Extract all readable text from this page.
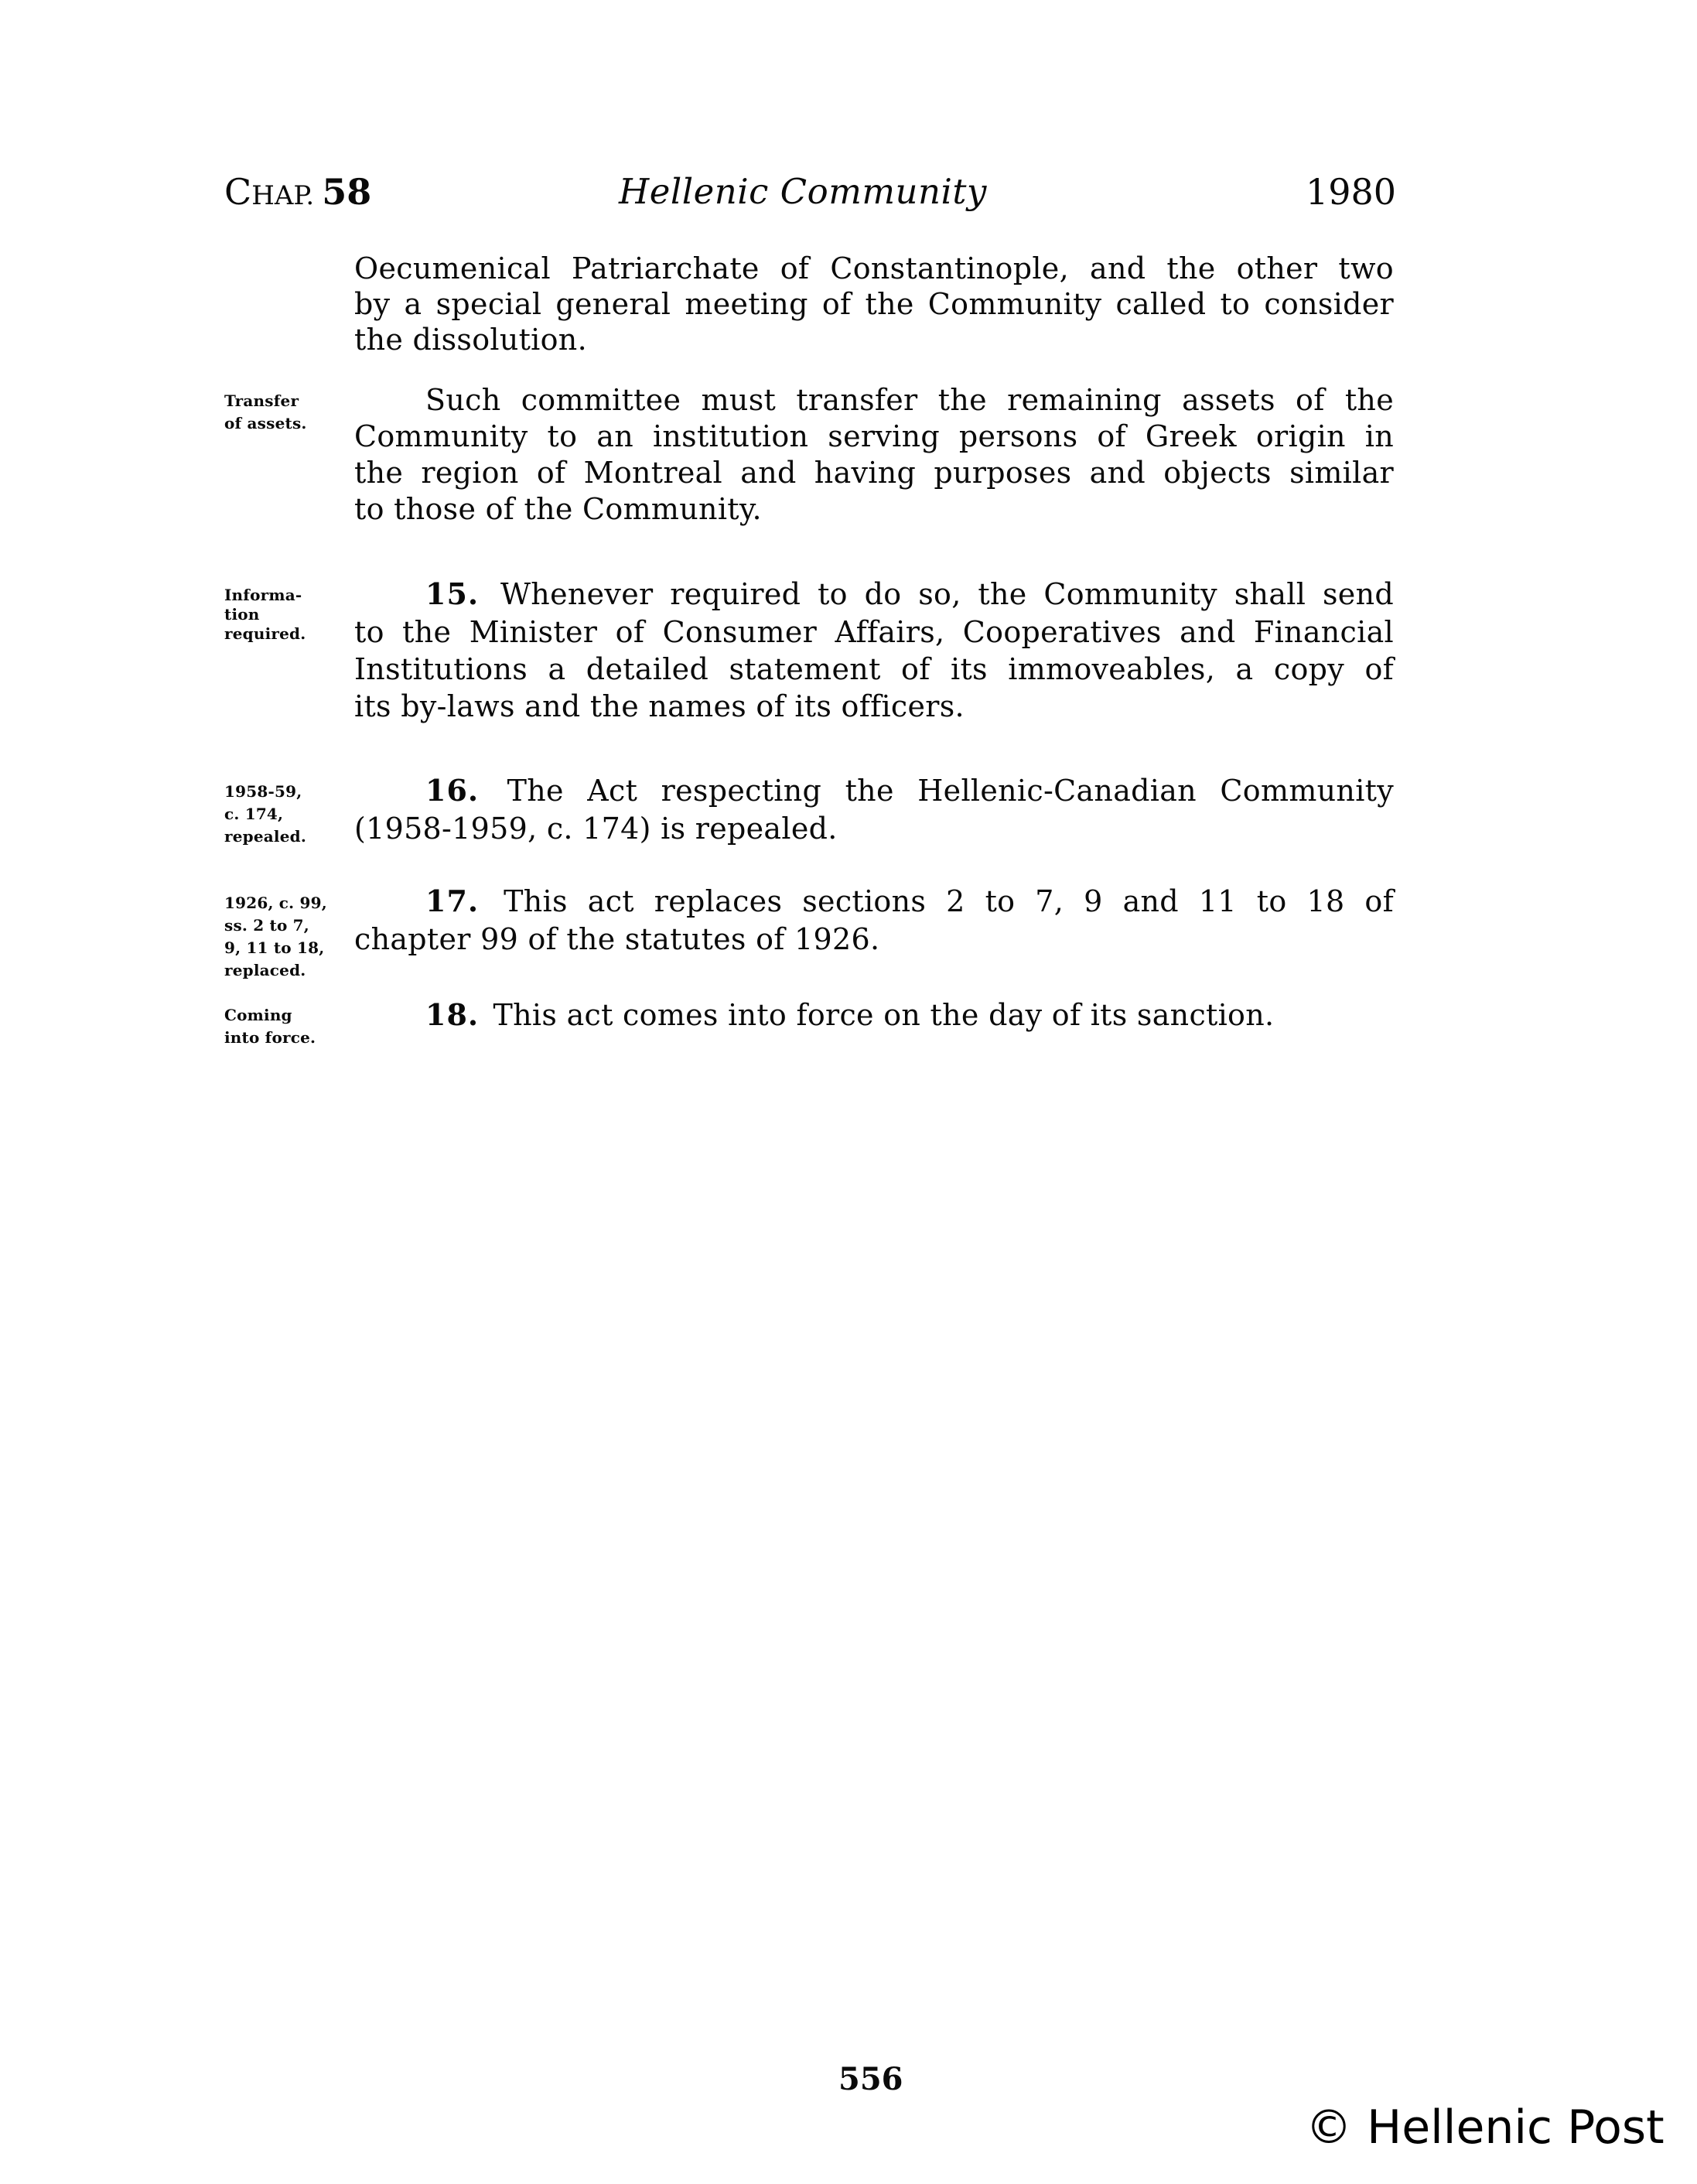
CHAP. 58	Hellenic Community	1980
Oecumenical Patriarchate of Constantinople, and the other two
by a special general meeting of the Community called to consider
the dissolution.
Transfer
of assets.
Such committee must transfer the remaining assets of the
Community to an institution serving persons of Greek origin in
the region of Montreal and having purposes and objects similar
to those of the Community.
Informa-
tion
required.
15. Whenever required to do so, the Community shall send
to the Minister of Consumer Affairs, Cooperatives and Financial
Institutions a detailed statement of its immoveables, a copy of
its by-laws and the names of its officers.
1958-59,
c. 174,
repealed.
16. The Act respecting the Hellenic-Canadian Community
(1958-1959, c. 174) is repealed.
1926, c. 99,
ss. 2 to 7,
9, 11 to 18,
replaced.
17. This act replaces sections 2 to 7, 9 and 11 to 18 of
chapter 99 of the statutes of 1926.
Coming
into force.
18. This act comes into force on the day of its sanction.
556
© Hellenic Post
